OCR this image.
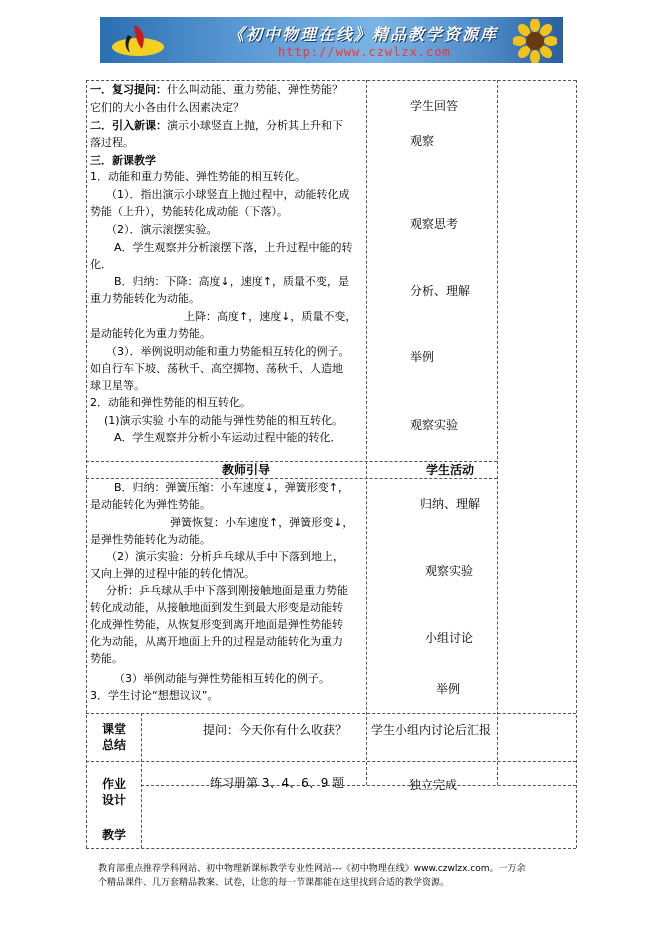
《初中物理在线》精品教学资源库
http://www.czwlzx.com
一．复习提问：什么叫动能、重力势能、弹性势能？
它们的大小各由什么因素决定？
二．引入新课：演示小球竖直上抛，分析其上升和下
落过程。
三．新课教学
1．动能和重力势能、弹性势能的相互转化。
（1）．指出演示小球竖直上抛过程中，动能转化成
势能（上升），势能转化成动能（下落）。
（2）．演示滚摆实验。
A．学生观察并分析滚摆下落，上升过程中能的转
化．
B．归纳：下降：高度↓，速度↑，质量不变，是
重力势能转化为动能。
上降：高度↑，速度↓，质量不变，
是动能转化为重力势能。
（3）．举例说明动能和重力势能相互转化的例子。
如自行车下坡、荡秋千、高空掷物、荡秋千、人造地
球卫星等。
2．动能和弹性势能的相互转化。
(1)演示实验 小车的动能与弹性势能的相互转化。
A．学生观察并分析小车运动过程中能的转化．
学生回答
观察
观察思考
分析、理解
举例
观察实验
教师引导	学生活动
B．归纳：弹簧压缩：小车速度↓，弹簧形变↑，
是动能转化为弹性势能。
弹簧恢复：小车速度↑，弹簧形变↓，
是弹性势能转化为动能。
（2）演示实验：分析乒乓球从手中下落到地上，
又向上弹的过程中能的转化情况。
分析：乒乓球从手中下落到刚接触地面是重力势能
转化成动能，从接触地面到发生到最大形变是动能转
化成弹性势能，从恢复形变到离开地面是弹性势能转
化为动能，从离开地面上升的过程是动能转化为重力
势能。
（3）举例动能与弹性势能相互转化的例子。
3．学生讨论“想想议议”。
归纳、理解
观察实验
小组讨论
举例
课堂
总结
提问：今天你有什么收获？ 学生小组内讨论后汇报
作业
设计
练习册第 3、4、6、9 题	独立完成
教学
教育部重点推荐学科网站、初中物理新课标教学专业性网站---《初中物理在线》www.czwlzx.com。一万余
个精品课件、几万套精品教案、试卷，让您的每一节课都能在这里找到合适的教学资源。
